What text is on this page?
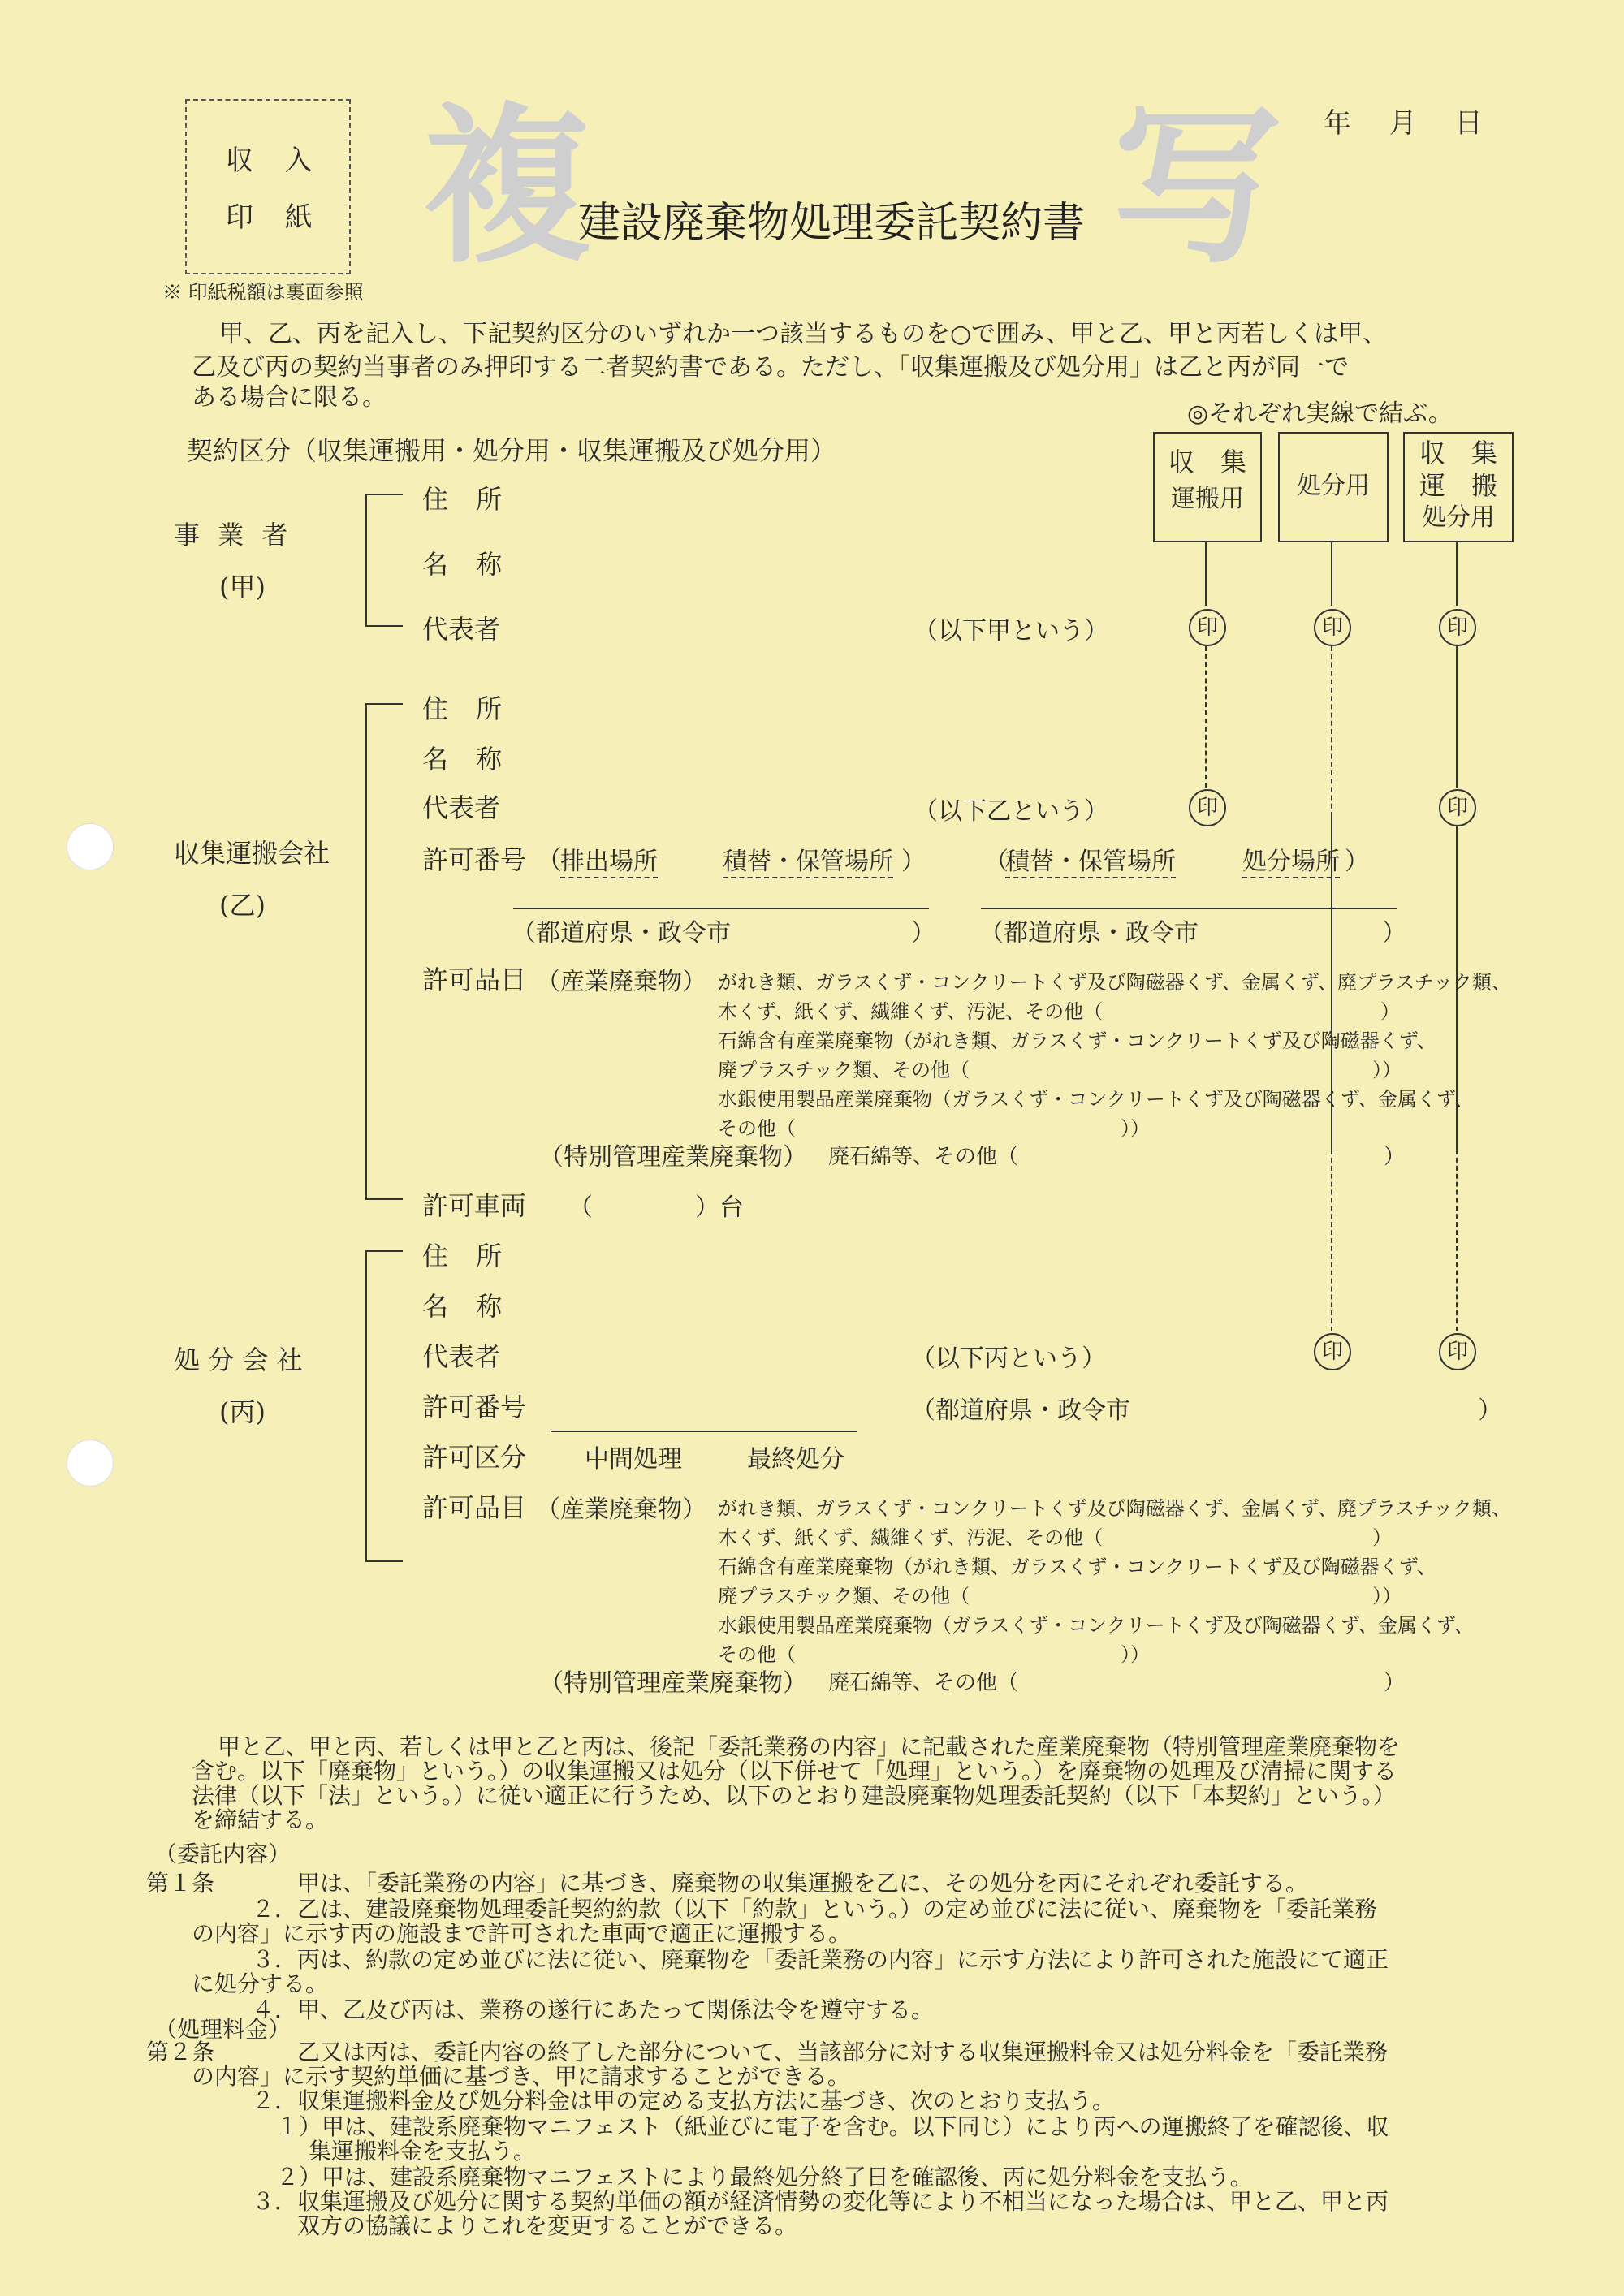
収 入
印 紙
※ 印紙税額は裏面参照
年 月 日
複	写
建設廃棄物処理委託契約書
甲、乙、丙を記入し、下記契約区分のいずれか一つ該当するものを○で囲み、甲と乙、甲と丙若しくは甲、
乙及び丙の契約当事者のみ押印する二者契約書である。ただし、「収集運搬及び処分用」は乙と丙が同一で
ある場合に限る。
◎それぞれ実線で結ぶ。
契約区分（収集運搬用・処分用・収集運搬及び処分用）	収　集
運搬用	処分用
収　集
運　搬
処分用
印	印	印
印	印
印	印
事 業 者
(甲)
住 所
名 称
代表者	（以下甲という）
収集運搬会社
(乙)
住 所
名 称
代表者	（以下乙という）
許可番号 （
排出場所	積替・保管場所 ） （
積替・保管場所	処分場所 ）
（都道府県・政令市	） （都道府県・政令市	）
許可品目 （産業廃棄物） がれき類、ガラスくず・コンクリートくず及び陶磁器くず、金属くず、廃プラスチック類、
木くず、紙くず、繊維くず、汚泥、その他（	）
石綿含有産業廃棄物（がれき類、ガラスくず・コンクリートくず及び陶磁器くず、
廃プラスチック類、その他（	））
水銀使用製品産業廃棄物（ガラスくず・コンクリートくず及び陶磁器くず、金属くず、
その他（	））
（特別管理産業廃棄物） 廃石綿等、その他（	）
許可車両 （	）台
処 分 会 社
(丙)
住 所
名 称
代表者	（以下丙という）
許可番号	（都道府県・政令市	）
許可区分 中間処理	最終処分
許可品目 （産業廃棄物） がれき類、ガラスくず・コンクリートくず及び陶磁器くず、金属くず、廃プラスチック類、
木くず、紙くず、繊維くず、汚泥、その他（	）
石綿含有産業廃棄物（がれき類、ガラスくず・コンクリートくず及び陶磁器くず、
廃プラスチック類、その他（	））
水銀使用製品産業廃棄物（ガラスくず・コンクリートくず及び陶磁器くず、金属くず、
その他（	））
（特別管理産業廃棄物） 廃石綿等、その他（	）
甲と乙、甲と丙、若しくは甲と乙と丙は、後記「委託業務の内容」に記載された産業廃棄物（特別管理産業廃棄物を
含む。以下「廃棄物」という。）の収集運搬又は処分（以下併せて「処理」という。）を廃棄物の処理及び清掃に関する
法律（以下「法」という。）に従い適正に行うため、以下のとおり建設廃棄物処理委託契約（以下「本契約」という。）
を締結する。
（委託内容）
第１条	甲は、「委託業務の内容」に基づき、廃棄物の収集運搬を乙に、その処分を丙にそれぞれ委託する。
２．乙は、建設廃棄物処理委託契約約款（以下「約款」という。）の定め並びに法に従い、廃棄物を「委託業務
の内容」に示す丙の施設まで許可された車両で適正に運搬する。
３．丙は、約款の定め並びに法に従い、廃棄物を「委託業務の内容」に示す方法により許可された施設にて適正
に処分する。
４．甲、乙及び丙は、業務の遂行にあたって関係法令を遵守する。
（処理料金）
第２条	乙又は丙は、委託内容の終了した部分について、当該部分に対する収集運搬料金又は処分料金を「委託業務
の内容」に示す契約単価に基づき、甲に請求することができる。
２．収集運搬料金及び処分料金は甲の定める支払方法に基づき、次のとおり支払う。
１）甲は、建設系廃棄物マニフェスト（紙並びに電子を含む。以下同じ）により丙への運搬終了を確認後、収
集運搬料金を支払う。
２）甲は、建設系廃棄物マニフェストにより最終処分終了日を確認後、丙に処分料金を支払う。
３．収集運搬及び処分に関する契約単価の額が経済情勢の変化等により不相当になった場合は、甲と乙、甲と丙
双方の協議によりこれを変更することができる。
